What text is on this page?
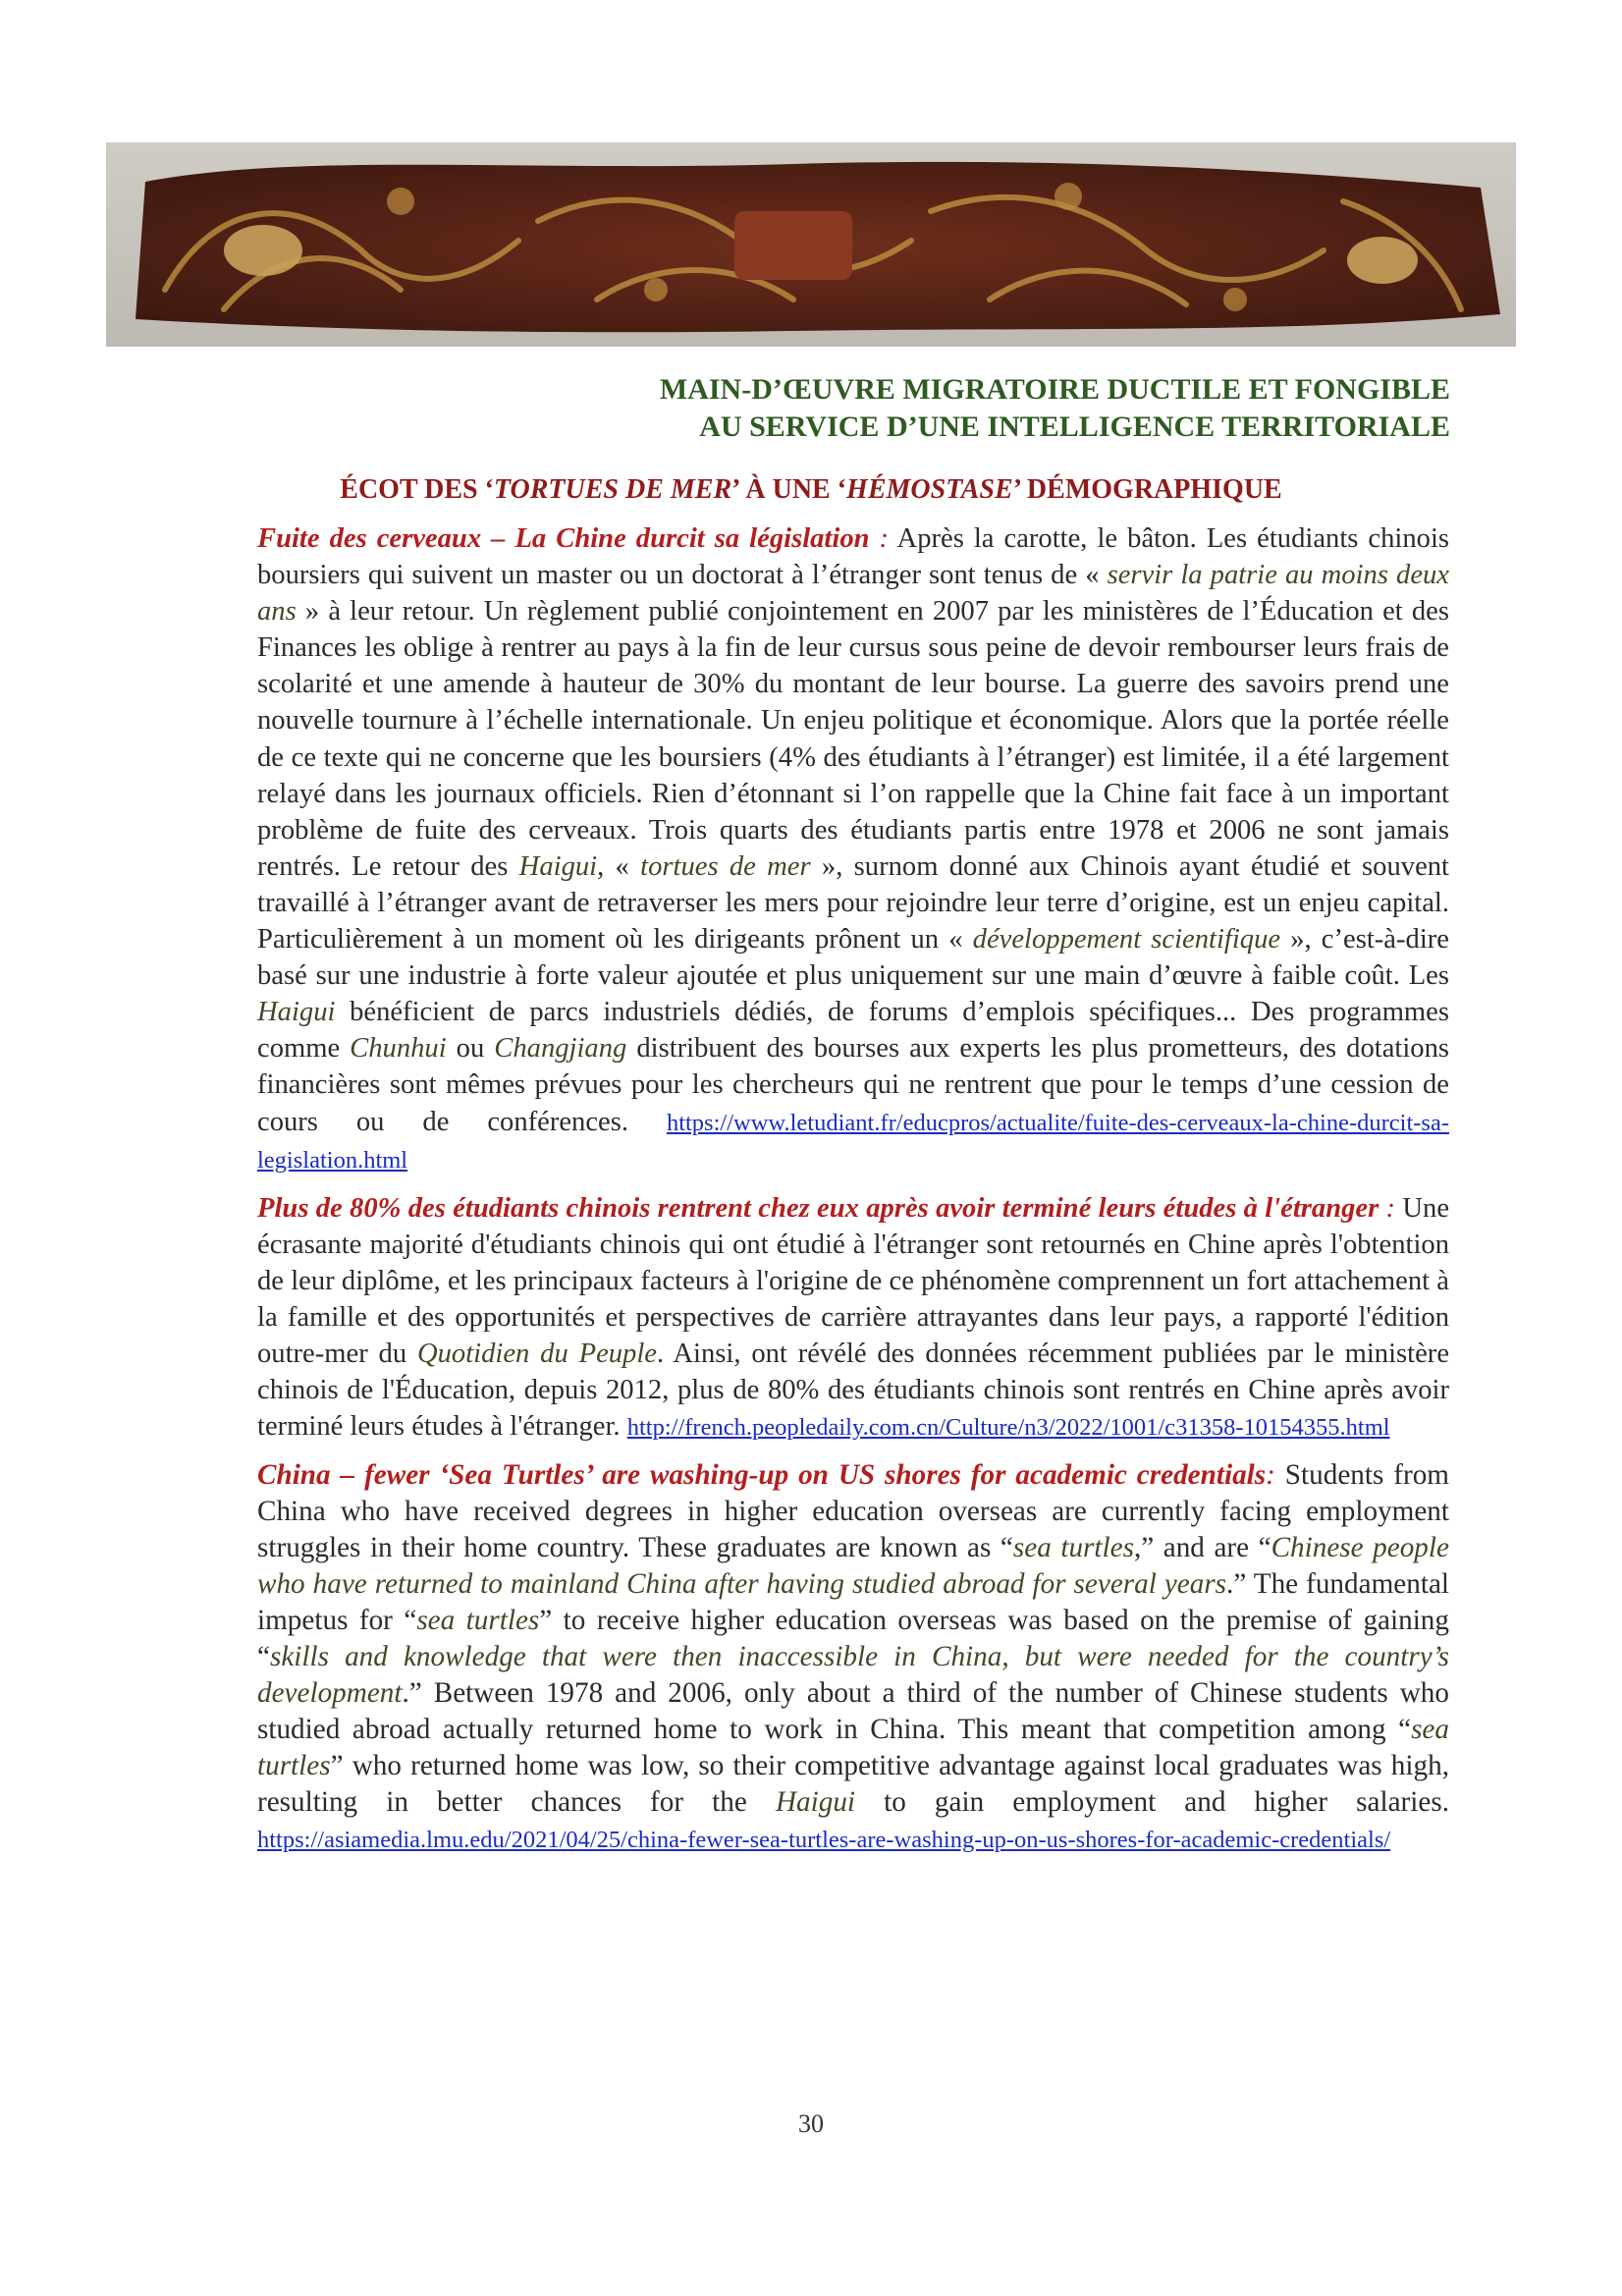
MAIN-D’ŒUVRE MIGRATOIRE DUCTILE ET FONGIBLE
AU SERVICE D’UNE INTELLIGENCE TERRITORIALE
ÉCOT DES ‘TORTUES DE MER’ À UNE ‘HÉMOSTASE’ DÉMOGRAPHIQUE

Fuite des cerveaux – La Chine durcit sa législation : Après la carotte, le bâton. Les étudiants chinois boursiers qui suivent un master ou un doctorat à l’étranger sont tenus de « servir la patrie au moins deux ans » à leur retour. Un règlement publié conjointement en 2007 par les ministères de l’Éducation et des Finances les oblige à rentrer au pays à la fin de leur cursus sous peine de devoir rembourser leurs frais de scolarité et une amende à hauteur de 30% du montant de leur bourse. La guerre des savoirs prend une nouvelle tournure à l’échelle internationale. Un enjeu politique et économique. Alors que la portée réelle de ce texte qui ne concerne que les boursiers (4% des étudiants à l’étranger) est limitée, il a été largement relayé dans les journaux officiels. Rien d’étonnant si l’on rappelle que la Chine fait face à un important problème de fuite des cerveaux. Trois quarts des étudiants partis entre 1978 et 2006 ne sont jamais rentrés. Le retour des Haigui, « tortues de mer », surnom donné aux Chinois ayant étudié et souvent travaillé à l’étranger avant de retraverser les mers pour rejoindre leur terre d’origine, est un enjeu capital. Particulièrement à un moment où les dirigeants prônent un « développement scientifique », c’est-à-dire basé sur une industrie à forte valeur ajoutée et plus uniquement sur une main d’œuvre à faible coût. Les Haigui bénéficient de parcs industriels dédiés, de forums d’emplois spécifiques... Des programmes comme Chunhui ou Changjiang distribuent des bourses aux experts les plus prometteurs, des dotations financières sont mêmes prévues pour les chercheurs qui ne rentrent que pour le temps d’une cession de cours ou de conférences. https://www.letudiant.fr/educpros/actualite/fuite-des-cerveaux-la-chine-durcit-sa-legislation.html

Plus de 80% des étudiants chinois rentrent chez eux après avoir terminé leurs études à l'étranger : Une écrasante majorité d'étudiants chinois qui ont étudié à l'étranger sont retournés en Chine après l'obtention de leur diplôme, et les principaux facteurs à l'origine de ce phénomène comprennent un fort attachement à la famille et des opportunités et perspectives de carrière attrayantes dans leur pays, a rapporté l'édition outre-mer du Quotidien du Peuple. Ainsi, ont révélé des données récemment publiées par le ministère chinois de l'Éducation, depuis 2012, plus de 80% des étudiants chinois sont rentrés en Chine après avoir terminé leurs études à l'étranger. http://french.peopledaily.com.cn/Culture/n3/2022/1001/c31358-10154355.html

China – fewer ‘Sea Turtles’ are washing-up on US shores for academic credentials: Students from China who have received degrees in higher education overseas are currently facing employment struggles in their home country. These graduates are known as “sea turtles,” and are “Chinese people who have returned to mainland China after having studied abroad for several years.” The fundamental impetus for “sea turtles” to receive higher education overseas was based on the premise of gaining “skills and knowledge that were then inaccessible in China, but were needed for the country’s development.” Between 1978 and 2006, only about a third of the number of Chinese students who studied abroad actually returned home to work in China. This meant that competition among “sea turtles” who returned home was low, so their competitive advantage against local graduates was high, resulting in better chances for the Haigui to gain employment and higher salaries. https://asiamedia.lmu.edu/2021/04/25/china-fewer-sea-turtles-are-washing-up-on-us-shores-for-academic-credentials/

30
